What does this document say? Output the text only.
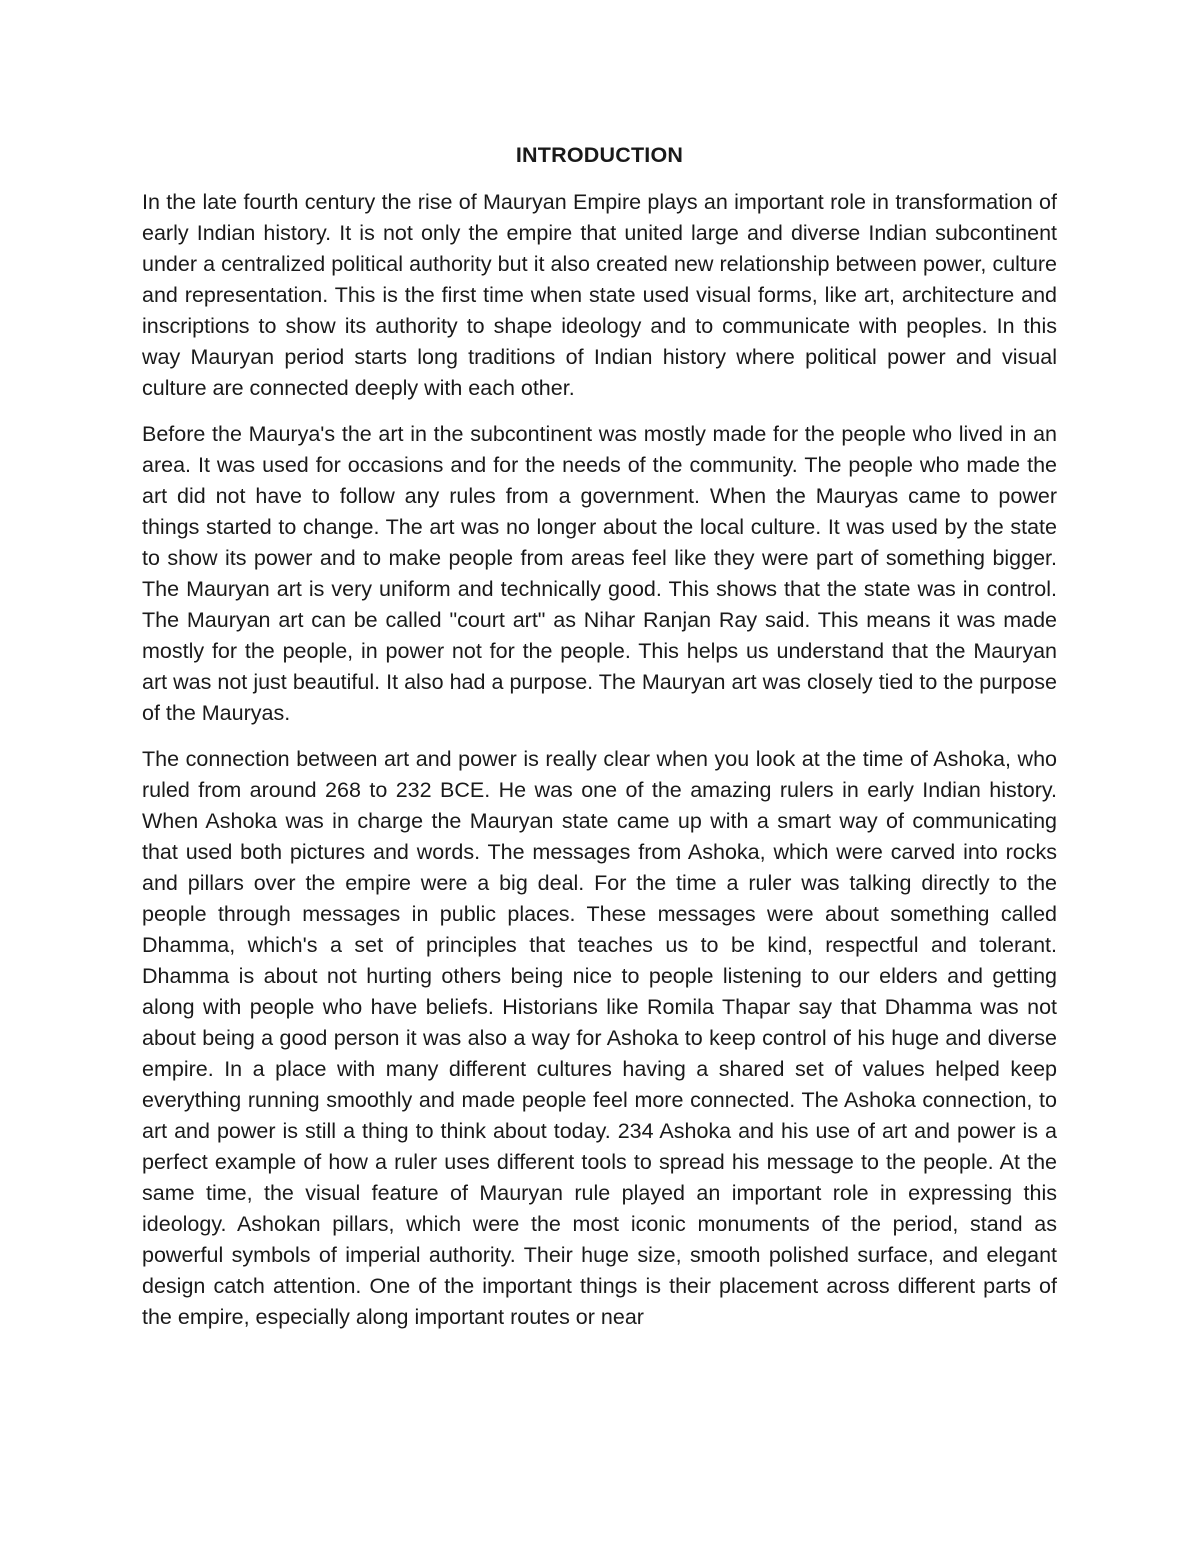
INTRODUCTION

In the late fourth century the rise of Mauryan Empire plays an important role in transformation of early Indian history. It is not only the empire that united large and diverse Indian subcontinent under a centralized political authority but it also created new relationship between power, culture and representation. This is the first time when state used visual forms, like art, architecture and inscriptions to show its authority to shape ideology and to communicate with peoples. In this way Mauryan period starts long traditions of Indian history where political power and visual culture are connected deeply with each other.

Before the Maurya's the art in the subcontinent was mostly made for the people who lived in an area. It was used for occasions and for the needs of the community. The people who made the art did not have to follow any rules from a government. When the Mauryas came to power things started to change. The art was no longer about the local culture. It was used by the state to show its power and to make people from areas feel like they were part of something bigger. The Mauryan art is very uniform and technically good. This shows that the state was in control. The Mauryan art can be called "court art" as Nihar Ranjan Ray said. This means it was made mostly for the people, in power not for the people. This helps us understand that the Mauryan art was not just beautiful. It also had a purpose. The Mauryan art was closely tied to the purpose of the Mauryas.

The connection between art and power is really clear when you look at the time of Ashoka, who ruled from around 268 to 232 BCE. He was one of the amazing rulers in early Indian history. When Ashoka was in charge the Mauryan state came up with a smart way of communicating that used both pictures and words. The messages from Ashoka, which were carved into rocks and pillars over the empire were a big deal. For the time a ruler was talking directly to the people through messages in public places. These messages were about something called Dhamma, which's a set of principles that teaches us to be kind, respectful and tolerant. Dhamma is about not hurting others being nice to people listening to our elders and getting along with people who have beliefs. Historians like Romila Thapar say that Dhamma was not about being a good person it was also a way for Ashoka to keep control of his huge and diverse empire. In a place with many different cultures having a shared set of values helped keep everything running smoothly and made people feel more connected. The Ashoka connection, to art and power is still a thing to think about today. 234 Ashoka and his use of art and power is a perfect example of how a ruler uses different tools to spread his message to the people. At the same time, the visual feature of Mauryan rule played an important role in expressing this ideology. Ashokan pillars, which were the most iconic monuments of the period, stand as powerful symbols of imperial authority. Their huge size, smooth polished surface, and elegant design catch attention. One of the important things is their placement across different parts of the empire, especially along important routes or near
